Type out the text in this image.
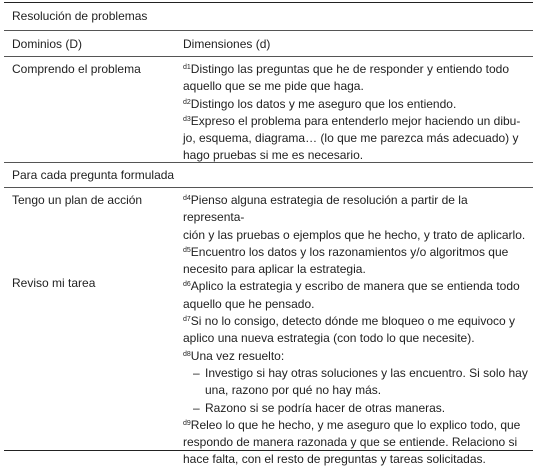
Resolución de problemas
Dominios (D)	Dimensiones (d)
Comprendo el problema	$^{d1}$Distingo las preguntas que he de responder y entiendo todo
aquello que se me pide que haga.
$^{d2}$Distingo los datos y me aseguro que los entiendo.
$^{d3}$Expreso el problema para entenderlo mejor haciendo un dibu-
jo, esquema, diagrama… (lo que me parezca más adecuado) y
hago pruebas si me es necesario.
Para cada pregunta formulada
Tengo un plan de acción
Reviso mi tarea
$^{d4}$Pienso alguna estrategia de resolución a partir de la representa-
ción y las pruebas o ejemplos que he hecho, y trato de aplicarlo.
$^{d5}$Encuentro los datos y los razonamientos y/o algoritmos que
necesito para aplicar la estrategia.
$^{d6}$Aplico la estrategia y escribo de manera que se entienda todo
aquello que he pensado.
$^{d7}$Si no lo consigo, detecto dónde me bloqueo o me equivoco y
aplico una nueva estrategia (con todo lo que necesite).
$^{d8}$Una vez resuelto:
– Investigo si hay otras soluciones y las encuentro. Si solo hay
una, razono por qué no hay más.
– Razono si se podría hacer de otras maneras.
$^{d9}$Releo lo que he hecho, y me aseguro que lo explico todo, que
respondo de manera razonada y que se entiende. Relaciono si
hace falta, con el resto de preguntas y tareas solicitadas.
